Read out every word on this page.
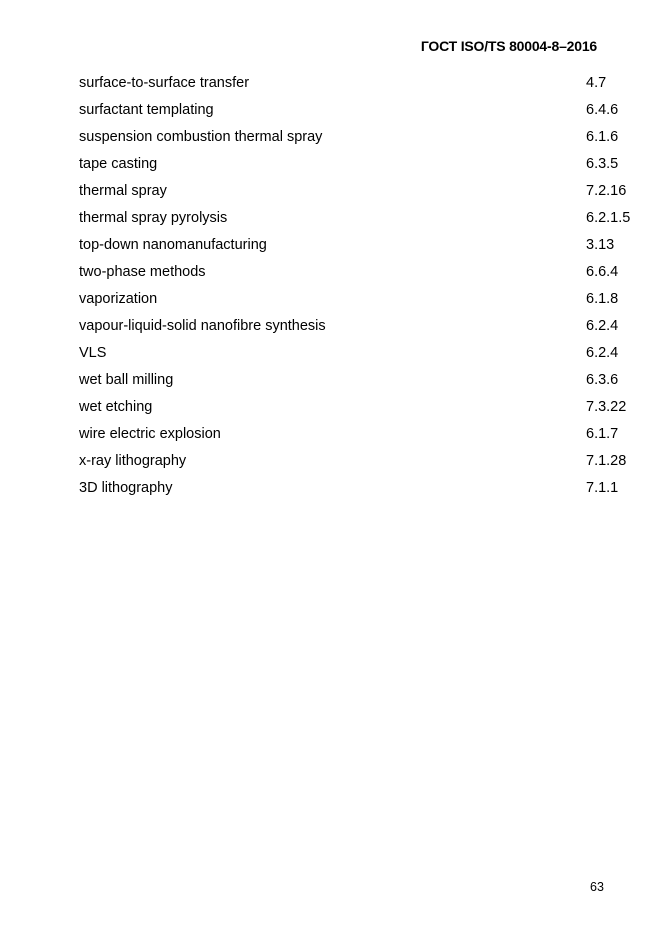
ГОСТ ISO/TS 80004-8–2016
surface-to-surface transfer	4.7
surfactant templating	6.4.6
suspension combustion thermal spray	6.1.6
tape casting	6.3.5
thermal spray	7.2.16
thermal spray pyrolysis	6.2.1.5
top-down nanomanufacturing	3.13
two-phase methods	6.6.4
vaporization	6.1.8
vapour-liquid-solid nanofibre synthesis	6.2.4
VLS	6.2.4
wet ball milling	6.3.6
wet etching	7.3.22
wire electric explosion	6.1.7
x-ray lithography	7.1.28
3D lithography	7.1.1
63
